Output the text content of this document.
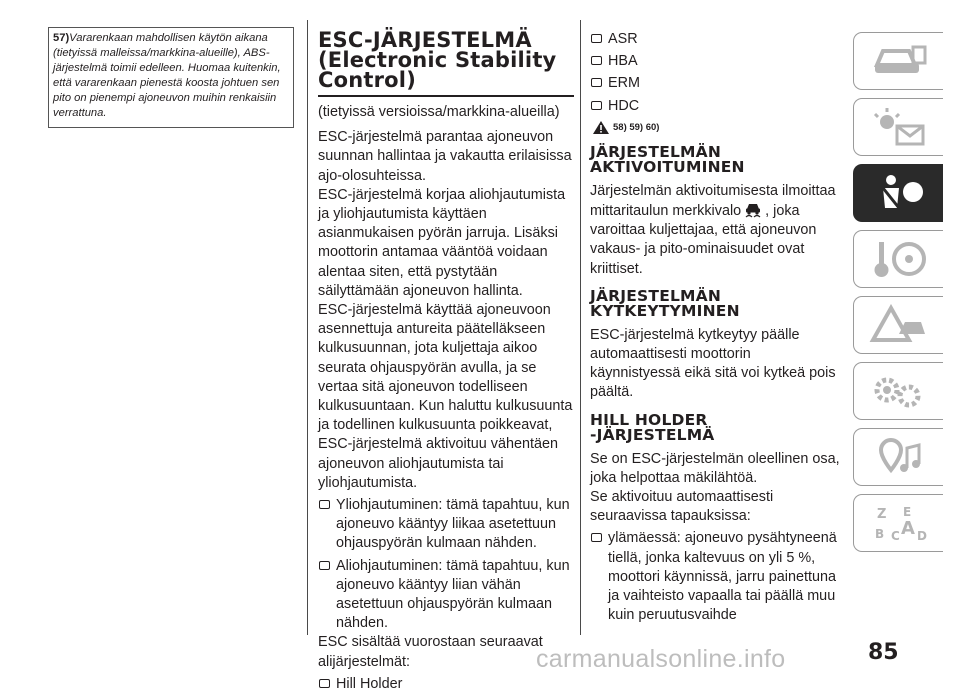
57)Vararenkaan mahdollisen käytön aikana (tietyissä malleissa/markkina-alueille), ABS-järjestelmä toimii edelleen. Huomaa kuitenkin, että vararenkaan pienestä koosta johtuen sen pito on pienempi ajoneuvon muihin renkaisiin verrattuna.
ESC-JÄRJESTELMÄ
(Electronic Stability
Control)

(tietyissä versioissa/markkina-alueilla)

ESC-järjestelmä parantaa ajoneuvon suunnan hallintaa ja vakautta erilaisissa ajo-olosuhteissa.

ESC-järjestelmä korjaa aliohjautumista ja yliohjautumista käyttäen asianmukaisen pyörän jarruja. Lisäksi moottorin antamaa vääntöä voidaan alentaa siten, että pystytään säilyttämään ajoneuvon hallinta.

ESC-järjestelmä käyttää ajoneuvoon asennettuja antureita päätelläkseen kulkusuunnan, jota kuljettaja aikoo seurata ohjauspyörän avulla, ja se vertaa sitä ajoneuvon todelliseen kulkusuuntaan. Kun haluttu kulkusuunta ja todellinen kulkusuunta poikkeavat, ESC-järjestelmä aktivoituu vähentäen ajoneuvon aliohjautumista tai yliohjautumista.

Yliohjautuminen: tämä tapahtuu, kun ajoneuvo kääntyy liikaa asetettuun ohjauspyörän kulmaan nähden.
Aliohjautuminen: tämä tapahtuu, kun ajoneuvo kääntyy liian vähän asetettuun ohjauspyörän kulmaan nähden.

ESC sisältää vuorostaan seuraavat alijärjestelmät:

Hill Holder
ASR
HBA
ERM
HDC
58) 59) 60)
JÄRJESTELMÄN
AKTIVOITUMINEN

Järjestelmän aktivoitumisesta ilmoittaa mittaritaulun merkkivalo , joka varoittaa kuljettajaa, että ajoneuvon vakaus- ja pito-ominaisuudet ovat kriittiset.

JÄRJESTELMÄN
KYTKEYTYMINEN

ESC-järjestelmä kytkeytyy päälle automaattisesti moottorin käynnistyessä eikä sitä voi kytkeä pois päältä.

HILL HOLDER
-JÄRJESTELMÄ

Se on ESC-järjestelmän oleellinen osa, joka helpottaa mäkilähtöä.

Se aktivoituu automaattisesti seuraavissa tapauksissa:

ylämäessä: ajoneuvo pysähtyneenä tiellä, jonka kaltevuus on yli 5 %, moottori käynnissä, jarru painettuna ja vaihteisto vapaalla tai päällä muu kuin peruutusvaihde
Z E
B C A D
85
carmanualsonline.info
